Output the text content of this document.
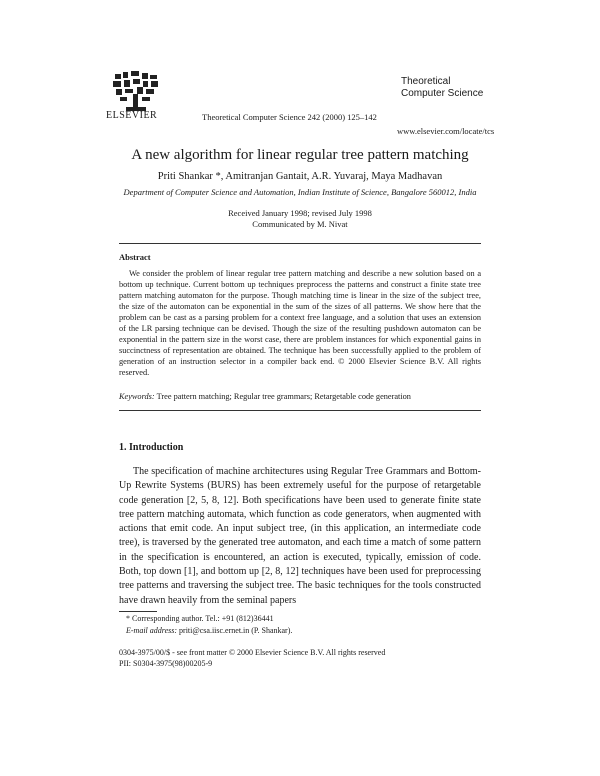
ELSEVIER	Theoretical Computer Science 242 (2000) 125–142
Theoretical
Computer Science
www.elsevier.com/locate/tcs
A new algorithm for linear regular tree pattern matching
Priti Shankar *, Amitranjan Gantait, A.R. Yuvaraj, Maya Madhavan
Department of Computer Science and Automation, Indian Institute of Science, Bangalore 560012, India
Received January 1998; revised July 1998
Communicated by M. Nivat
Abstract
We consider the problem of linear regular tree pattern matching and describe a new solution based on a bottom up technique. Current bottom up techniques preprocess the patterns and construct a finite state tree pattern matching automaton for the purpose. Though matching time is linear in the size of the subject tree, the size of the automaton can be exponential in the sum of the sizes of all patterns. We show here that the problem can be cast as a parsing problem for a context free language, and a solution that uses an extension of the LR parsing technique can be devised. Though the size of the resulting pushdown automaton can be exponential in the pattern size in the worst case, there are problem instances for which exponential gains in succinctness of representation are obtained. The technique has been successfully applied to the problem of generation of an instruction selector in a compiler back end. © 2000 Elsevier Science B.V. All rights reserved.
Keywords: Tree pattern matching; Regular tree grammars; Retargetable code generation
1. Introduction
The specification of machine architectures using Regular Tree Grammars and Bottom-Up Rewrite Systems (BURS) has been extremely useful for the purpose of retargetable code generation [2, 5, 8, 12]. Both specifications have been used to generate finite state tree pattern matching automata, which function as code generators, when augmented with actions that emit code. An input subject tree, (in this application, an intermediate code tree), is traversed by the generated tree automaton, and each time a match of some pattern in the specification is encountered, an action is executed, typically, emission of code. Both, top down [1], and bottom up [2, 8, 12] techniques have been used for preprocessing tree patterns and traversing the subject tree. The basic techniques for the tools constructed have drawn heavily from the seminal papers
* Corresponding author. Tel.: +91 (812)36441
E-mail address: priti@csa.iisc.ernet.in (P. Shankar).
0304-3975/00/$ - see front matter © 2000 Elsevier Science B.V. All rights reserved
PII: S0304-3975(98)00205-9
